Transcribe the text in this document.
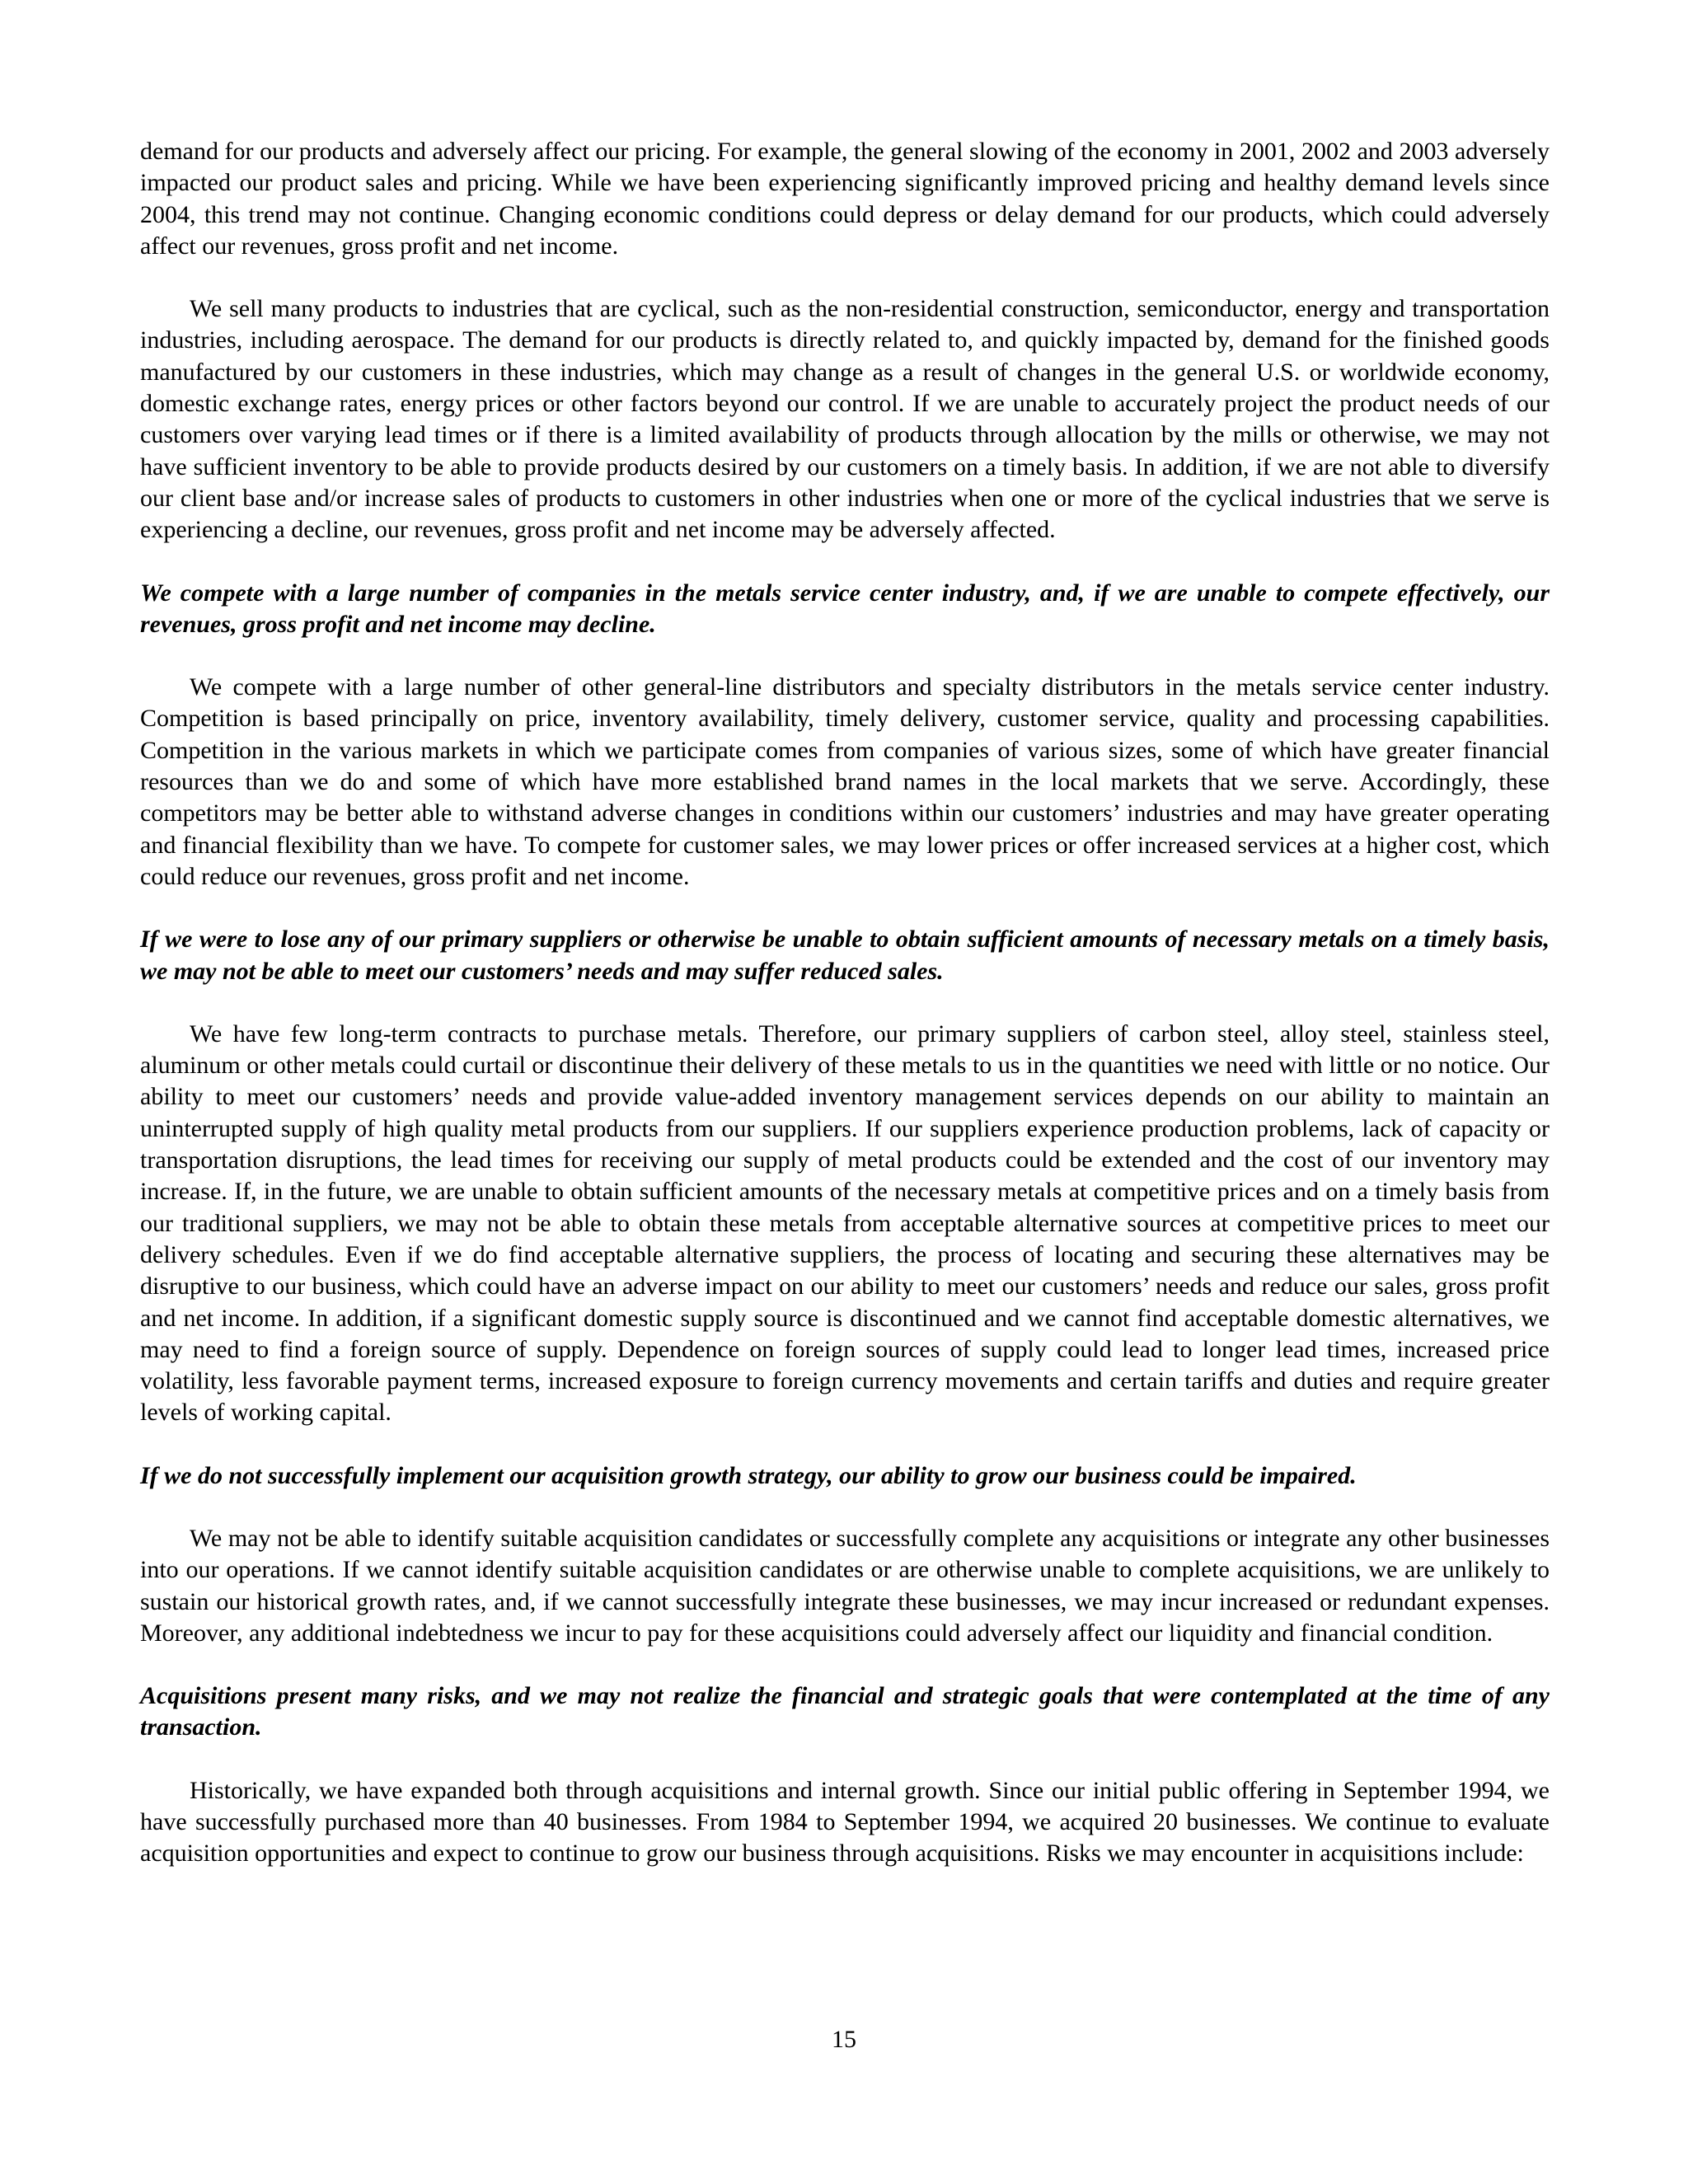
demand for our products and adversely affect our pricing. For example, the general slowing of the economy in 2001, 2002 and 2003 adversely impacted our product sales and pricing. While we have been experiencing significantly improved pricing and healthy demand levels since 2004, this trend may not continue. Changing economic conditions could depress or delay demand for our products, which could adversely affect our revenues, gross profit and net income.

We sell many products to industries that are cyclical, such as the non-residential construction, semiconductor, energy and transportation industries, including aerospace. The demand for our products is directly related to, and quickly impacted by, demand for the finished goods manufactured by our customers in these industries, which may change as a result of changes in the general U.S. or worldwide economy, domestic exchange rates, energy prices or other factors beyond our control. If we are unable to accurately project the product needs of our customers over varying lead times or if there is a limited availability of products through allocation by the mills or otherwise, we may not have sufficient inventory to be able to provide products desired by our customers on a timely basis. In addition, if we are not able to diversify our client base and/or increase sales of products to customers in other industries when one or more of the cyclical industries that we serve is experiencing a decline, our revenues, gross profit and net income may be adversely affected.

We compete with a large number of companies in the metals service center industry, and, if we are unable to compete effectively, our revenues, gross profit and net income may decline.

We compete with a large number of other general-line distributors and specialty distributors in the metals service center industry. Competition is based principally on price, inventory availability, timely delivery, customer service, quality and processing capabilities. Competition in the various markets in which we participate comes from companies of various sizes, some of which have greater financial resources than we do and some of which have more established brand names in the local markets that we serve. Accordingly, these competitors may be better able to withstand adverse changes in conditions within our customers’ industries and may have greater operating and financial flexibility than we have. To compete for customer sales, we may lower prices or offer increased services at a higher cost, which could reduce our revenues, gross profit and net income.

If we were to lose any of our primary suppliers or otherwise be unable to obtain sufficient amounts of necessary metals on a timely basis, we may not be able to meet our customers’ needs and may suffer reduced sales.

We have few long-term contracts to purchase metals. Therefore, our primary suppliers of carbon steel, alloy steel, stainless steel, aluminum or other metals could curtail or discontinue their delivery of these metals to us in the quantities we need with little or no notice. Our ability to meet our customers’ needs and provide value-added inventory management services depends on our ability to maintain an uninterrupted supply of high quality metal products from our suppliers. If our suppliers experience production problems, lack of capacity or transportation disruptions, the lead times for receiving our supply of metal products could be extended and the cost of our inventory may increase. If, in the future, we are unable to obtain sufficient amounts of the necessary metals at competitive prices and on a timely basis from our traditional suppliers, we may not be able to obtain these metals from acceptable alternative sources at competitive prices to meet our delivery schedules. Even if we do find acceptable alternative suppliers, the process of locating and securing these alternatives may be disruptive to our business, which could have an adverse impact on our ability to meet our customers’ needs and reduce our sales, gross profit and net income. In addition, if a significant domestic supply source is discontinued and we cannot find acceptable domestic alternatives, we may need to find a foreign source of supply. Dependence on foreign sources of supply could lead to longer lead times, increased price volatility, less favorable payment terms, increased exposure to foreign currency movements and certain tariffs and duties and require greater levels of working capital.

If we do not successfully implement our acquisition growth strategy, our ability to grow our business could be impaired.

We may not be able to identify suitable acquisition candidates or successfully complete any acquisitions or integrate any other businesses into our operations. If we cannot identify suitable acquisition candidates or are otherwise unable to complete acquisitions, we are unlikely to sustain our historical growth rates, and, if we cannot successfully integrate these businesses, we may incur increased or redundant expenses. Moreover, any additional indebtedness we incur to pay for these acquisitions could adversely affect our liquidity and financial condition.

Acquisitions present many risks, and we may not realize the financial and strategic goals that were contemplated at the time of any transaction.

Historically, we have expanded both through acquisitions and internal growth. Since our initial public offering in September 1994, we have successfully purchased more than 40 businesses. From 1984 to September 1994, we acquired 20 businesses. We continue to evaluate acquisition opportunities and expect to continue to grow our business through acquisitions. Risks we may encounter in acquisitions include:

15
